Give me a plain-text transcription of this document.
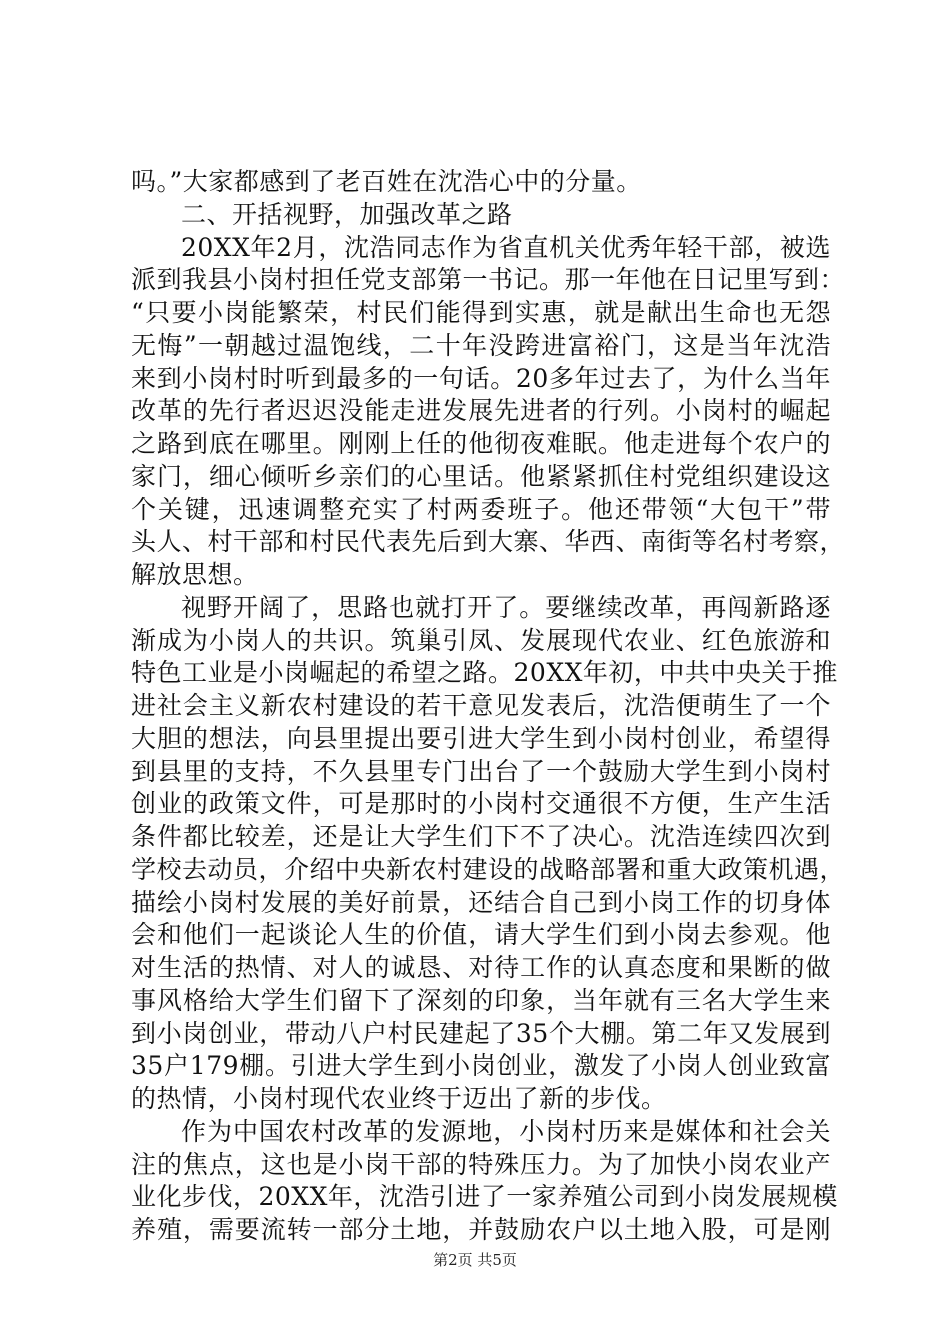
吗。”大家都感到了老百姓在沈浩心中的分量。
二、开括视野，加强改革之路
20XX年2月，沈浩同志作为省直机关优秀年轻干部，被选
派到我县小岗村担任党支部第一书记。那一年他在日记里写到：
“只要小岗能繁荣，村民们能得到实惠，就是献出生命也无怨
无悔”一朝越过温饱线，二十年没跨进富裕门，这是当年沈浩
来到小岗村时听到最多的一句话。20多年过去了，为什么当年
改革的先行者迟迟没能走进发展先进者的行列。小岗村的崛起
之路到底在哪里。刚刚上任的他彻夜难眠。他走进每个农户的
家门，细心倾听乡亲们的心里话。他紧紧抓住村党组织建设这
个关键，迅速调整充实了村两委班子。他还带领“大包干”带
头人、村干部和村民代表先后到大寨、华西、南街等名村考察，
解放思想。
视野开阔了，思路也就打开了。要继续改革，再闯新路逐
渐成为小岗人的共识。筑巢引凤、发展现代农业、红色旅游和
特色工业是小岗崛起的希望之路。20XX年初，中共中央关于推
进社会主义新农村建设的若干意见发表后，沈浩便萌生了一个
大胆的想法，向县里提出要引进大学生到小岗村创业，希望得
到县里的支持，不久县里专门出台了一个鼓励大学生到小岗村
创业的政策文件，可是那时的小岗村交通很不方便，生产生活
条件都比较差，还是让大学生们下不了决心。沈浩连续四次到
学校去动员，介绍中央新农村建设的战略部署和重大政策机遇，
描绘小岗村发展的美好前景，还结合自己到小岗工作的切身体
会和他们一起谈论人生的价值，请大学生们到小岗去参观。他
对生活的热情、对人的诚恳、对待工作的认真态度和果断的做
事风格给大学生们留下了深刻的印象，当年就有三名大学生来
到小岗创业，带动八户村民建起了35个大棚。第二年又发展到
35户179棚。引进大学生到小岗创业，激发了小岗人创业致富
的热情，小岗村现代农业终于迈出了新的步伐。
作为中国农村改革的发源地，小岗村历来是媒体和社会关
注的焦点，这也是小岗干部的特殊压力。为了加快小岗农业产
业化步伐，20XX年，沈浩引进了一家养殖公司到小岗发展规模
养殖，需要流转一部分土地，并鼓励农户以土地入股，可是刚
第2页 共5页
